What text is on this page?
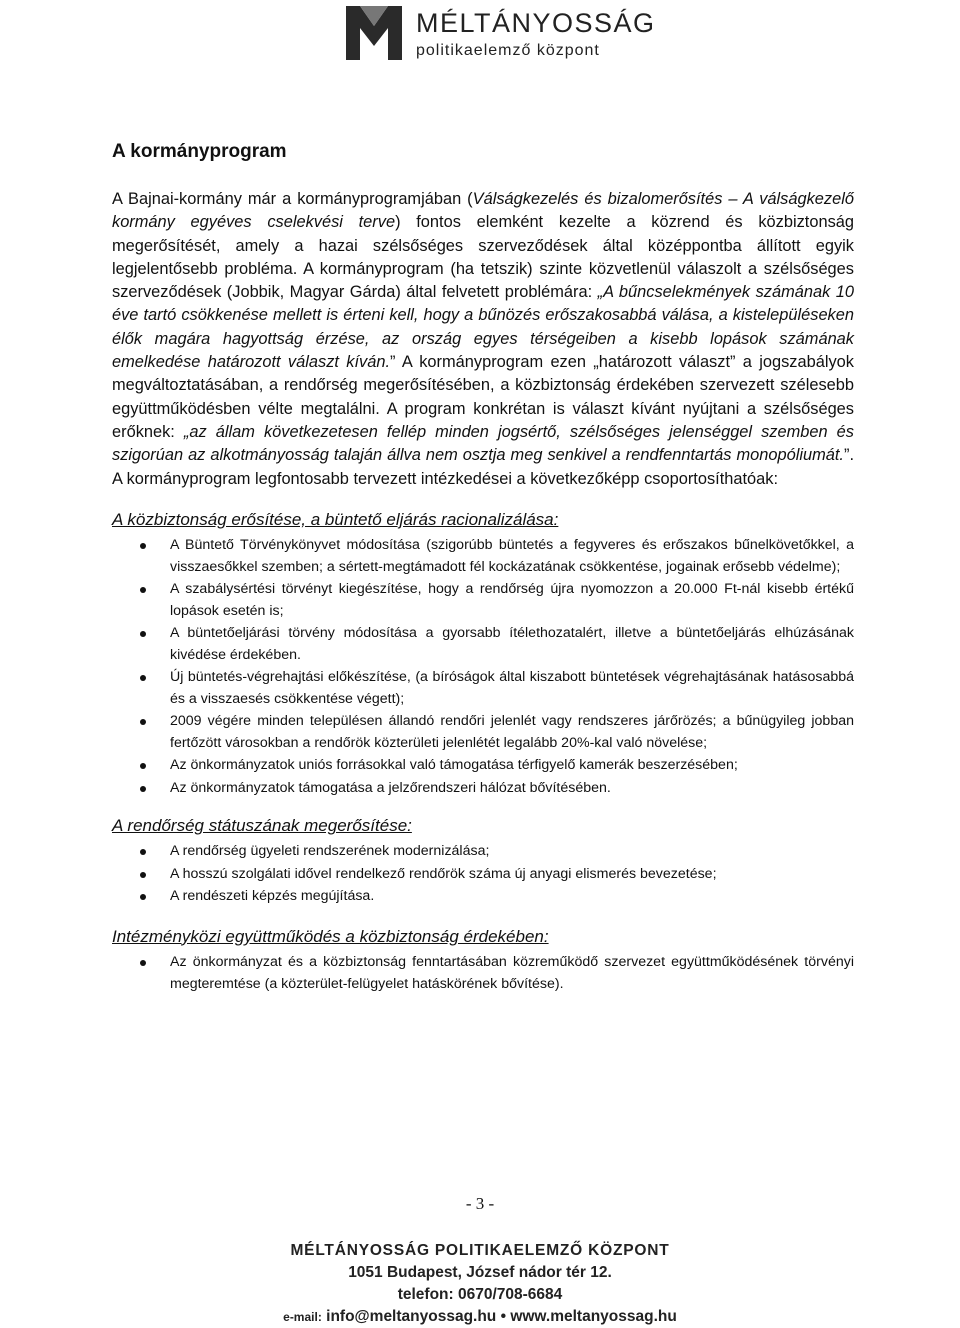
MÉLTÁNYOSSÁG
politikaelemző központ
A kormányprogram

A Bajnai-kormány már a kormányprogramjában (Válságkezelés és bizalomerősítés – A válságkezelő kormány egyéves cselekvési terve) fontos elemként kezelte a közrend és közbiztonság megerősítését, amely a hazai szélsőséges szerveződések által középpontba állított egyik legjelentősebb probléma. A kormányprogram (ha tetszik) szinte közvetlenül válaszolt a szélsőséges szerveződések (Jobbik, Magyar Gárda) által felvetett problémára: „A bűncselekmények számának 10 éve tartó csökkenése mellett is érteni kell, hogy a bűnözés erőszakosabbá válása, a kistelepüléseken élők magára hagyottság érzése, az ország egyes térségeiben a kisebb lopások számának emelkedése határozott választ kíván.” A kormányprogram ezen „határozott választ” a jogszabályok megváltoztatásában, a rendőrség megerősítésében, a közbiztonság érdekében szervezett szélesebb együttműködésben vélte megtalálni. A program konkrétan is választ kívánt nyújtani a szélsőséges erőknek: „az állam következetesen fellép minden jogsértő, szélsőséges jelenséggel szemben és szigorúan az alkotmányosság talaján állva nem osztja meg senkivel a rendfenntartás monopóliumát.”. A kormányprogram legfontosabb tervezett intézkedései a következőképp csoportosíthatóak:

A közbiztonság erősítése, a büntető eljárás racionalizálása:
A Büntető Törvénykönyvet módosítása (szigorúbb büntetés a fegyveres és erőszakos bűnelkövetőkkel, a visszaesőkkel szemben; a sértett-megtámadott fél kockázatának csökkentése, jogainak erősebb védelme);
A szabálysértési törvényt kiegészítése, hogy a rendőrség újra nyomozzon a 20.000 Ft-nál kisebb értékű lopások esetén is;
A büntetőeljárási törvény módosítása a gyorsabb ítélethozatalért, illetve a büntetőeljárás elhúzásának kivédése érdekében.
Új büntetés-végrehajtási előkészítése, (a bíróságok által kiszabott büntetések végrehajtásának hatásosabbá és a visszaesés csökkentése végett);
2009 végére minden településen állandó rendőri jelenlét vagy rendszeres járőrözés; a bűnügyileg jobban fertőzött városokban a rendőrök közterületi jelenlétét legalább 20%-kal való növelése;
Az önkormányzatok uniós forrásokkal való támogatása térfigyelő kamerák beszerzésében;
Az önkormányzatok támogatása a jelzőrendszeri hálózat bővítésében.
A rendőrség státuszának megerősítése:
A rendőrség ügyeleti rendszerének modernizálása;
A hosszú szolgálati idővel rendelkező rendőrök száma új anyagi elismerés bevezetése;
A rendészeti képzés megújítása.
Intézményközi együttműködés a közbiztonság érdekében:
Az önkormányzat és a közbiztonság fenntartásában közreműködő szervezet együttműködésének törvényi megteremtése (a közterület-felügyelet hatáskörének bővítése).
- 3 -
MÉLTÁNYOSSÁG POLITIKAELEMZŐ KÖZPONT
1051 Budapest, József nádor tér 12.
telefon: 0670/708-6684
e-mail: info@meltanyossag.hu • www.meltanyossag.hu
